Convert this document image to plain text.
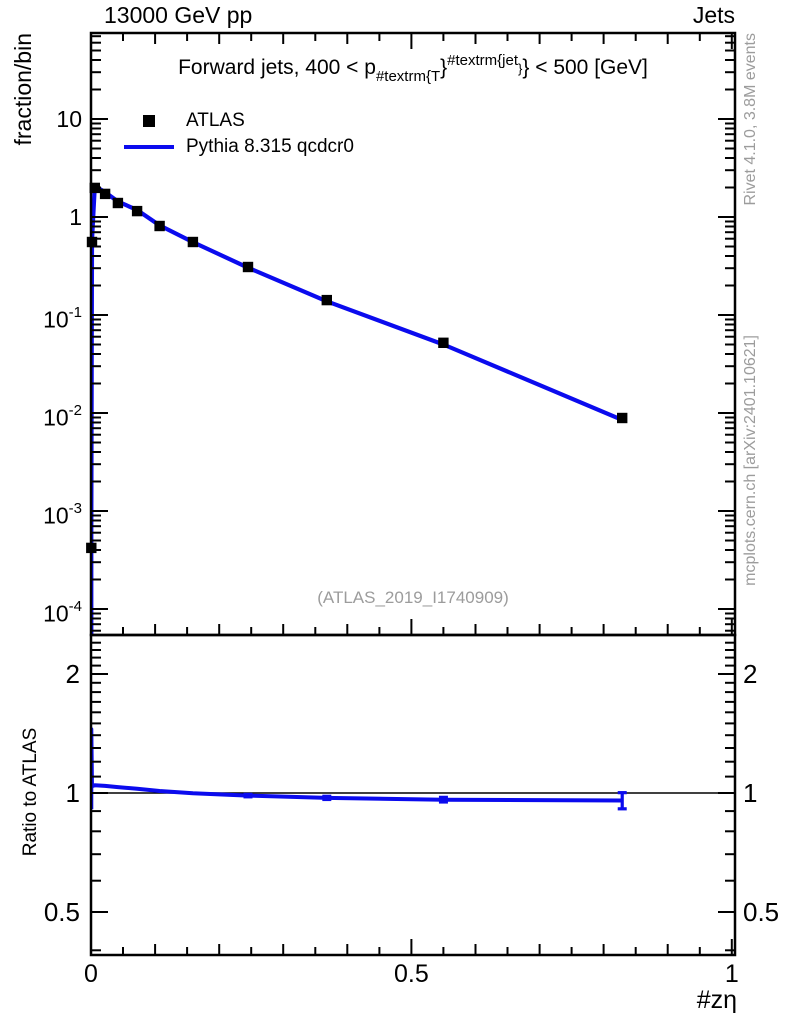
13000 GeV pp	Jets
Forward jets, $400 < p_{\#textrm\{T}\}^{\#textrm\{jet}\}\} < 500$ [GeV]
ATLAS
Pythia 8.315 qcdcr0
fraction/bin
Ratio to ATLAS
Rivet 4.1.0, 3.8M events
mcplots.cern.ch [arXiv:2401.10621]
(ATLAS_2019_I1740909)
#zη
10
1
$10^{-1}$
$10^{-2}$
$10^{-3}$
$10^{-4}$
2	2
1	1
0.5	0.5
0	0.5	1
